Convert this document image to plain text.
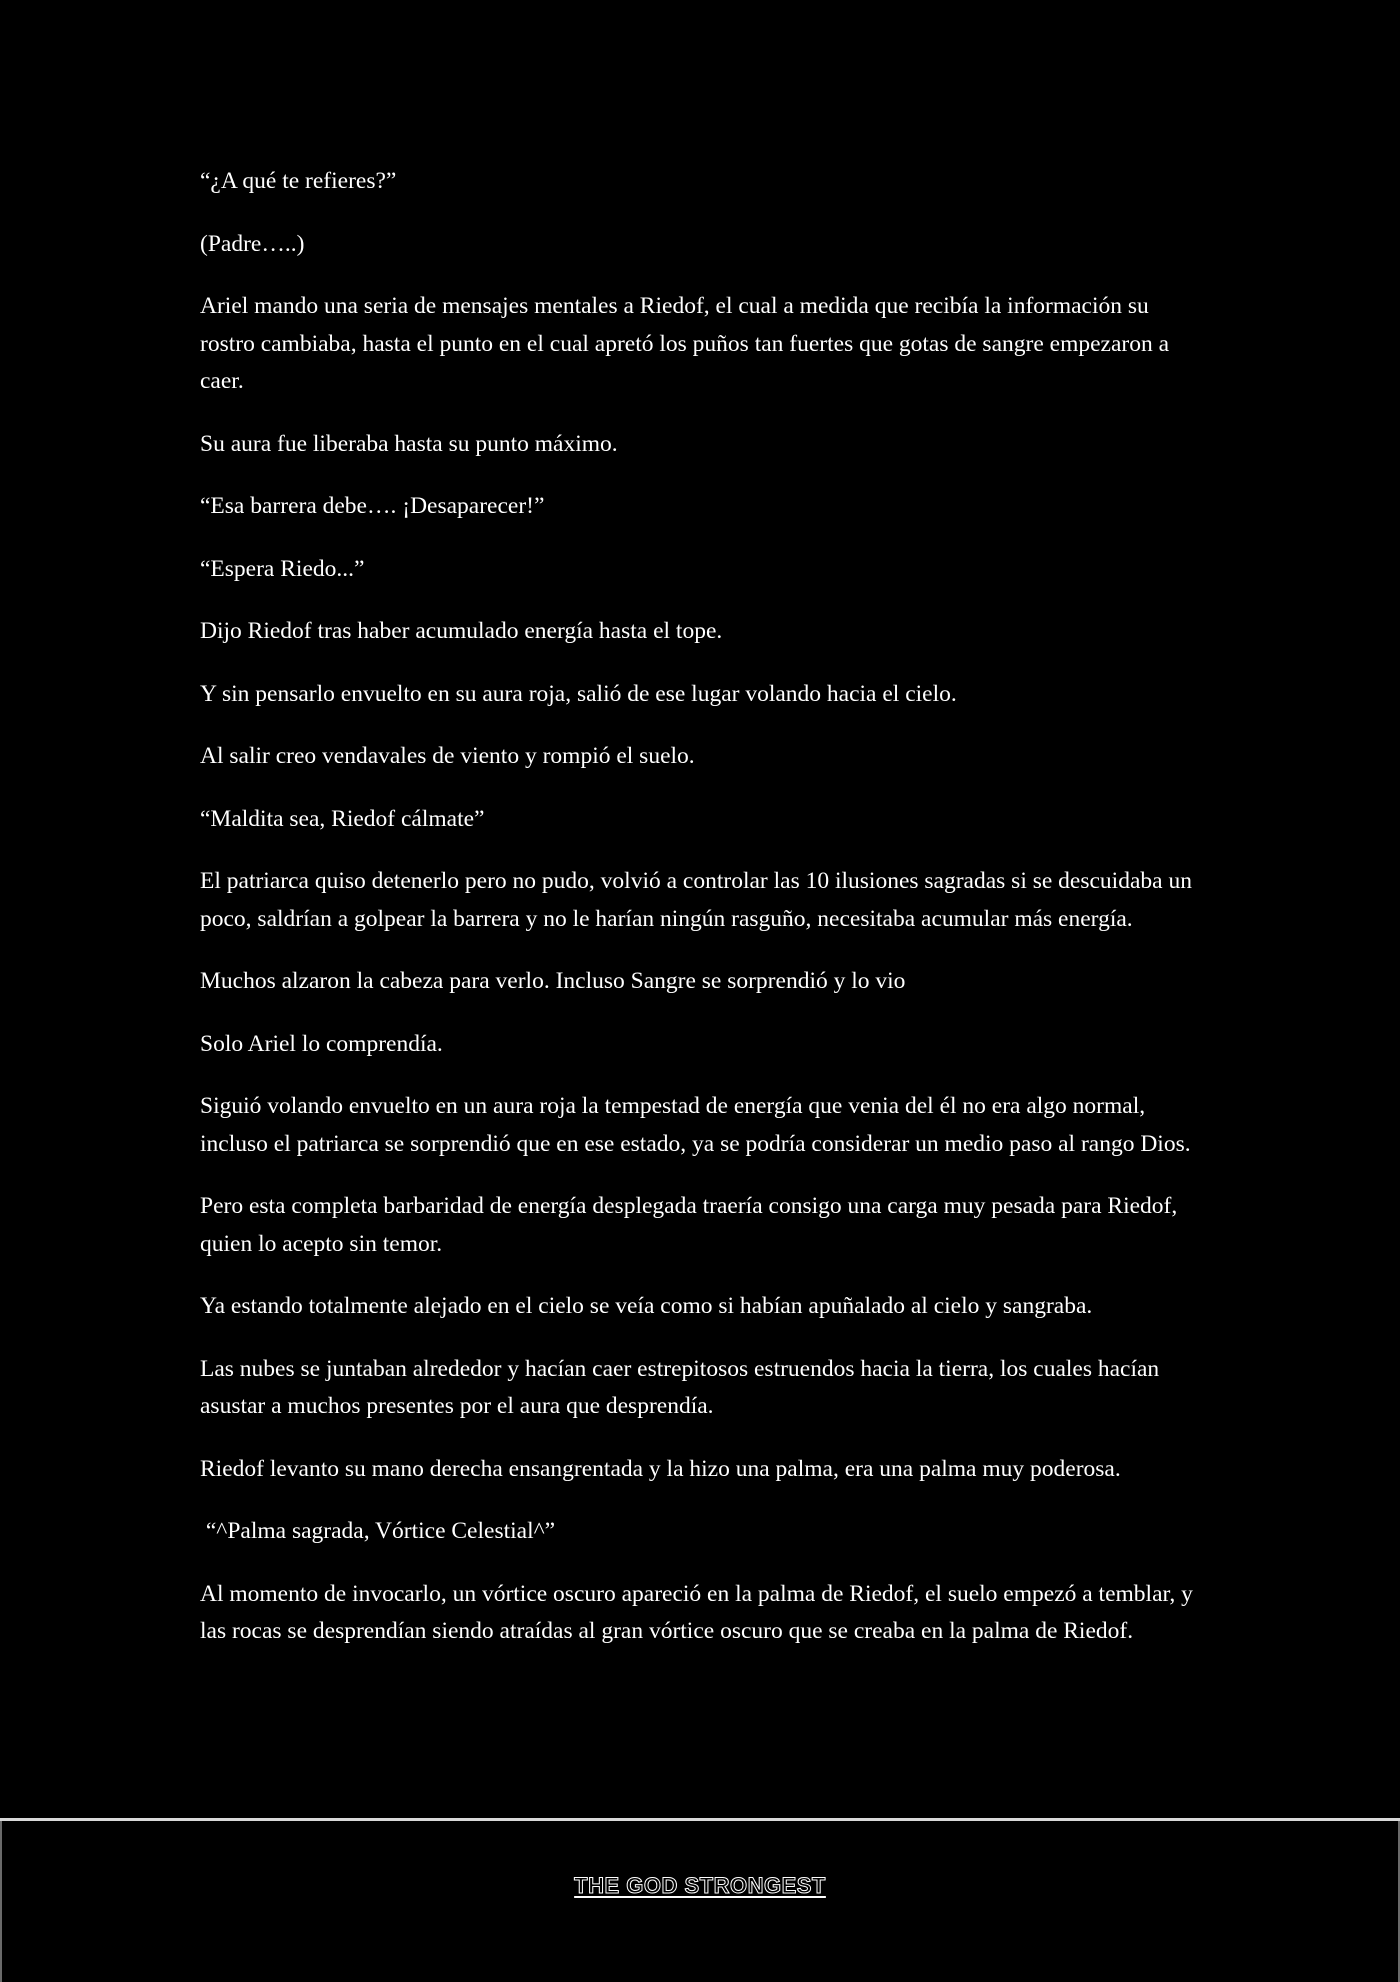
“¿A qué te refieres?”

(Padre…..)

Ariel mando una seria de mensajes mentales a Riedof, el cual a medida que recibía la información su rostro cambiaba, hasta el punto en el cual apretó los puños tan fuertes que gotas de sangre empezaron a caer.

Su aura fue liberaba hasta su punto máximo.

“Esa barrera debe…. ¡Desaparecer!”

“Espera Riedo...”

Dijo Riedof tras haber acumulado energía hasta el tope.

Y sin pensarlo envuelto en su aura roja, salió de ese lugar volando hacia el cielo.

Al salir creo vendavales de viento y rompió el suelo.

“Maldita sea, Riedof cálmate”

El patriarca quiso detenerlo pero no pudo, volvió a controlar las 10 ilusiones sagradas si se descuidaba un poco, saldrían a golpear la barrera y no le harían ningún rasguño, necesitaba acumular más energía.

Muchos alzaron la cabeza para verlo. Incluso Sangre se sorprendió y lo vio

Solo Ariel lo comprendía.

Siguió volando envuelto en un aura roja la tempestad de energía que venia del él no era algo normal, incluso el patriarca se sorprendió que en ese estado, ya se podría considerar un medio paso al rango Dios.

Pero esta completa barbaridad de energía desplegada traería consigo una carga muy pesada para Riedof, quien lo acepto sin temor.

Ya estando totalmente alejado en el cielo se veía como si habían apuñalado al cielo y sangraba.

Las nubes se juntaban alrededor y hacían caer estrepitosos estruendos hacia la tierra, los cuales hacían asustar a muchos presentes por el aura que desprendía.

Riedof levanto su mano derecha ensangrentada y la hizo una palma, era una palma muy poderosa.

“^Palma sagrada, Vórtice Celestial^”

Al momento de invocarlo, un vórtice oscuro apareció en la palma de Riedof, el suelo empezó a temblar, y las rocas se desprendían siendo atraídas al gran vórtice oscuro que se creaba en la palma de Riedof.

THE GOD STRONGEST
